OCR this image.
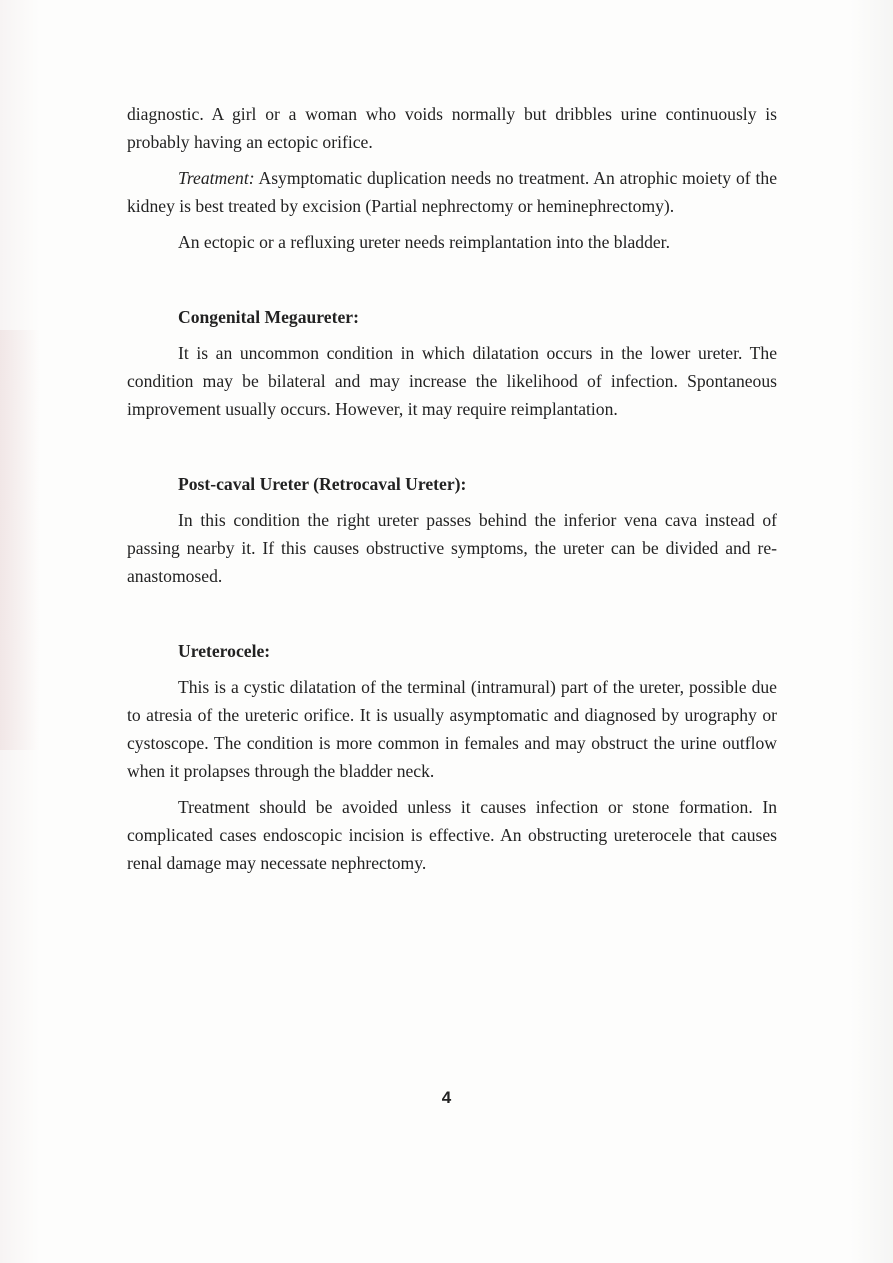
diagnostic. A girl or a woman who voids normally but dribbles urine continuously is probably having an ectopic orifice.

Treatment: Asymptomatic duplication needs no treatment. An atrophic moiety of the kidney is best treated by excision (Partial nephrectomy or heminephrectomy).

An ectopic or a refluxing ureter needs reimplantation into the bladder.

Congenital Megaureter:

It is an uncommon condition in which dilatation occurs in the lower ureter. The condition may be bilateral and may increase the likelihood of infection. Spontaneous improvement usually occurs. However, it may require reimplantation.

Post-caval Ureter (Retrocaval Ureter):

In this condition the right ureter passes behind the inferior vena cava instead of passing nearby it. If this causes obstructive symptoms, the ureter can be divided and re-anastomosed.

Ureterocele:

This is a cystic dilatation of the terminal (intramural) part of the ureter, possible due to atresia of the ureteric orifice. It is usually asymptomatic and diagnosed by urography or cystoscope. The condition is more common in females and may obstruct the urine outflow when it prolapses through the bladder neck.

Treatment should be avoided unless it causes infection or stone formation. In complicated cases endoscopic incision is effective. An obstructing ureterocele that causes renal damage may necessate nephrectomy.

4
